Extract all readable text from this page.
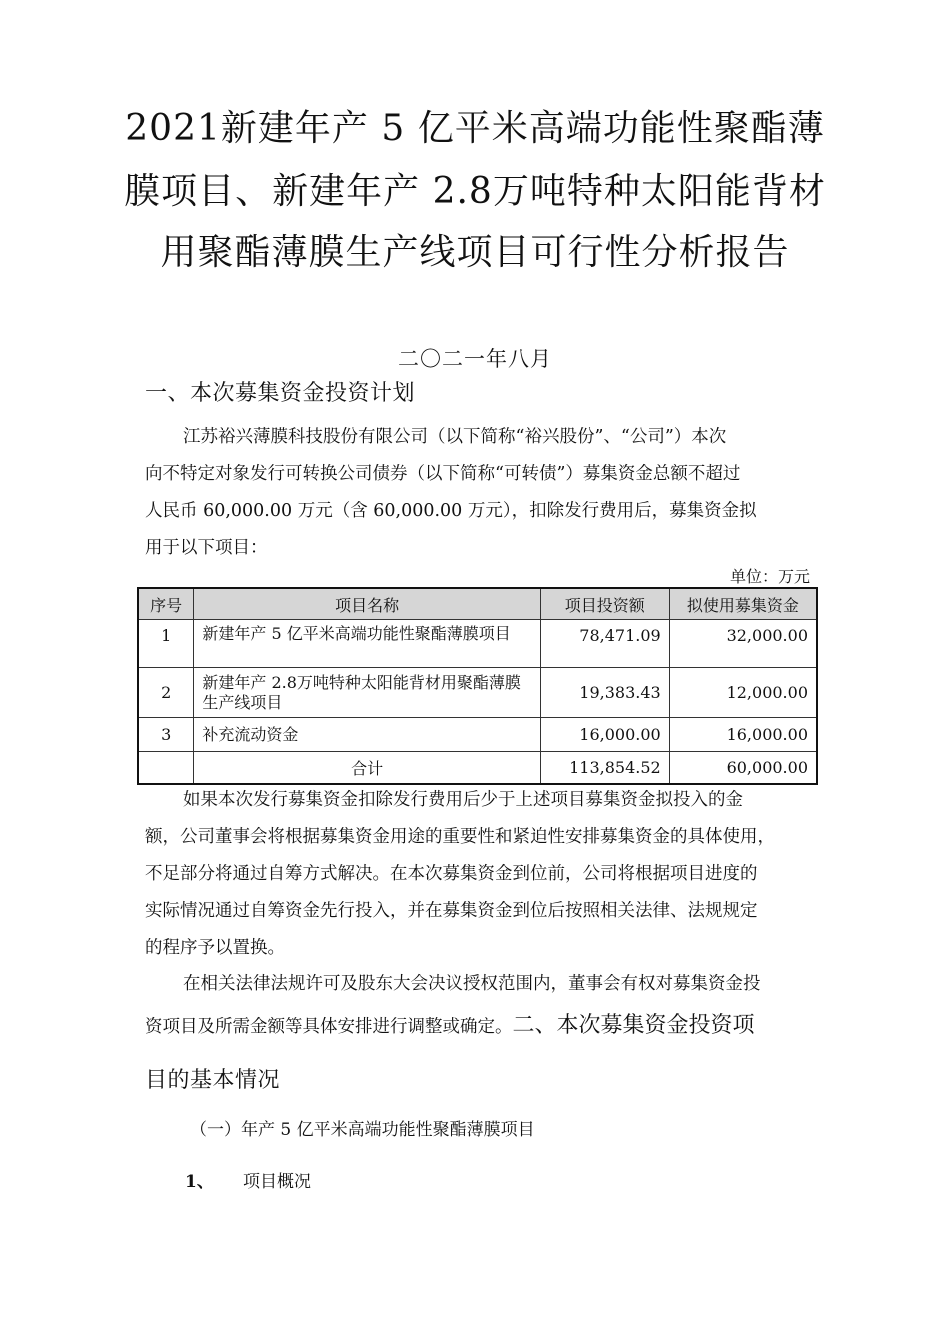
2021新建年产 5 亿平米高端功能性聚酯薄
膜项目、新建年产 2.8万吨特种太阳能背材
用聚酯薄膜生产线项目可行性分析报告
二〇二一年八月
一、本次募集资金投资计划
江苏裕兴薄膜科技股份有限公司（以下简称“裕兴股份”、“公司”）本次
向不特定对象发行可转换公司债券（以下简称“可转债”）募集资金总额不超过
人民币 60,000.00 万元（含 60,000.00 万元），扣除发行费用后，募集资金拟
用于以下项目：
单位：万元
序号	项目名称	项目投资额	拟使用募集资金
1	新建年产 5 亿平米高端功能性聚酯薄膜项目	78,471.09	32,000.00
2	新建年产 2.8万吨特种太阳能背材用聚酯薄膜生产线项目	19,383.43	12,000.00
3	补充流动资金	16,000.00	16,000.00
	合计	113,854.52	60,000.00
如果本次发行募集资金扣除发行费用后少于上述项目募集资金拟投入的金
额，公司董事会将根据募集资金用途的重要性和紧迫性安排募集资金的具体使用，
不足部分将通过自筹方式解决。在本次募集资金到位前，公司将根据项目进度的
实际情况通过自筹资金先行投入，并在募集资金到位后按照相关法律、法规规定
的程序予以置换。
在相关法律法规许可及股东大会决议授权范围内，董事会有权对募集资金投
资项目及所需金额等具体安排进行调整或确定。二、本次募集资金投资项
目的基本情况
（一）年产 5 亿平米高端功能性聚酯薄膜项目
1、 项目概况
